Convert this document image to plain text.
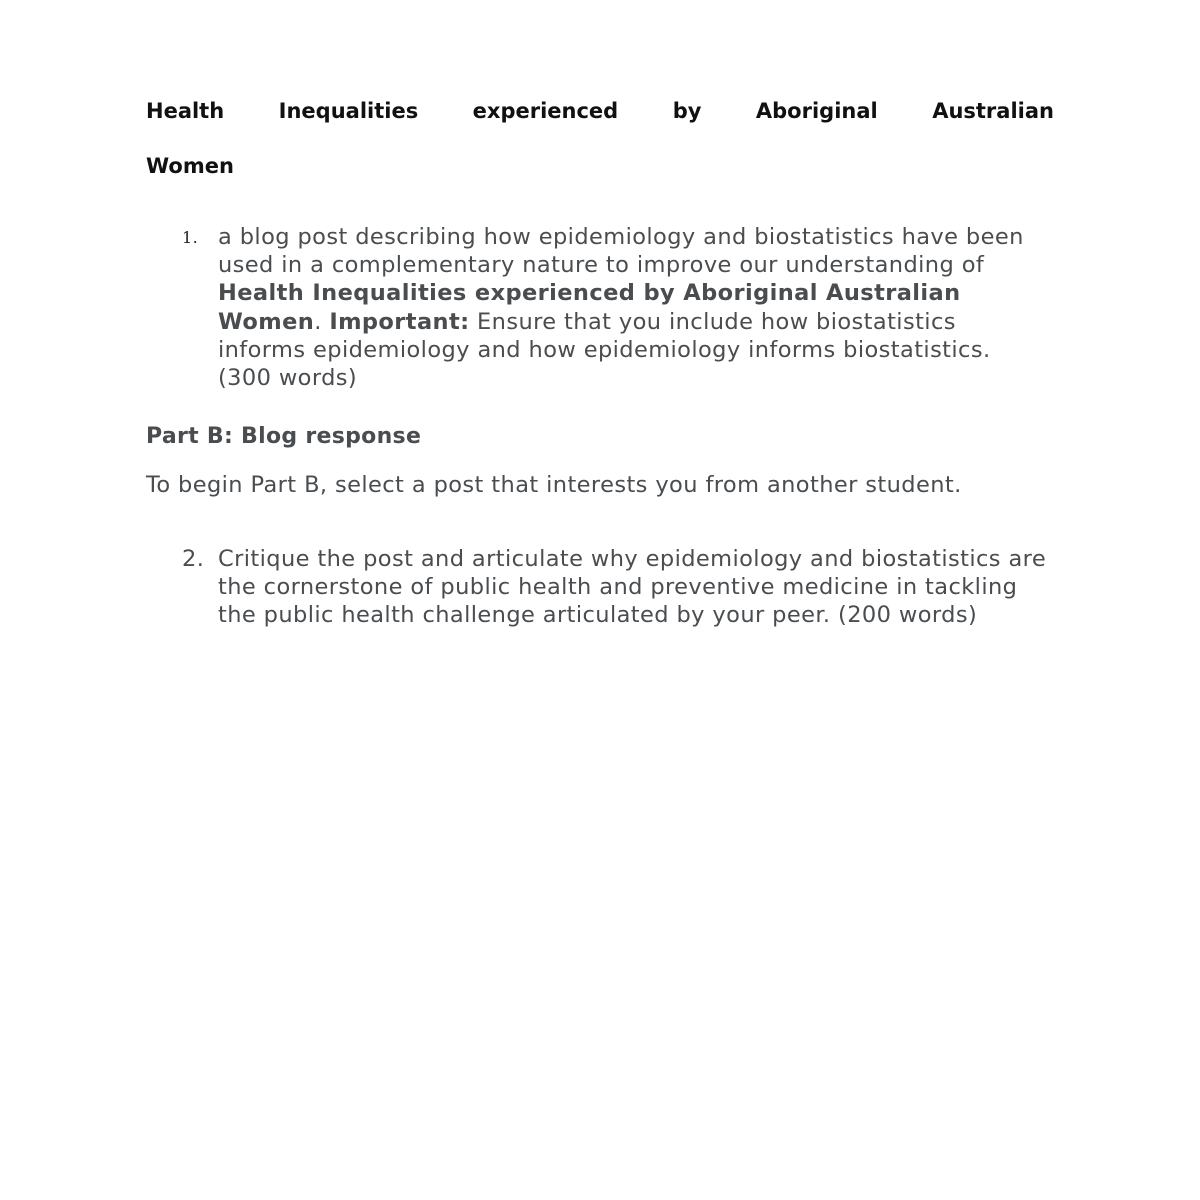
Health	Inequalities	experienced	by	Aboriginal	Australian
Women
1. a blog post describing how epidemiology and biostatistics have been used in a complementary nature to improve our understanding of Health Inequalities experienced by Aboriginal Australian Women. Important: Ensure that you include how biostatistics informs epidemiology and how epidemiology informs biostatistics. (300 words)
Part B: Blog response
To begin Part B, select a post that interests you from another student.
2. Critique the post and articulate why epidemiology and biostatistics are the cornerstone of public health and preventive medicine in tackling the public health challenge articulated by your peer. (200 words)
